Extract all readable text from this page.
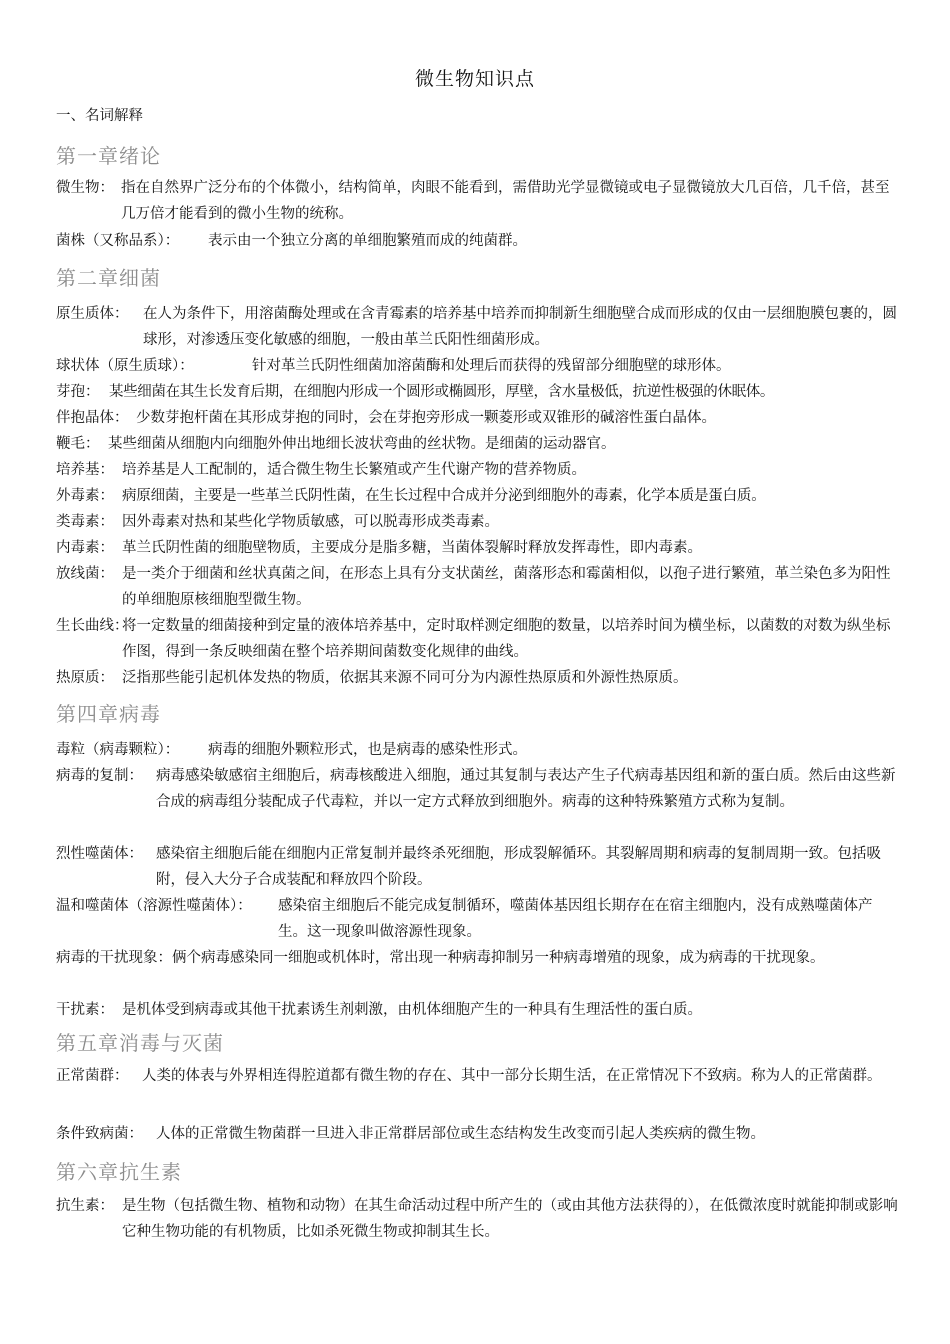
微生物知识点
一、名词解释
第一章绪论
微生物： 指在自然界广泛分布的个体微小，结构简单，肉眼不能看到，需借助光学显微镜或电子显微镜放大几百倍，几千倍，甚至几万倍才能看到的微小生物的统称。
菌株（又称品系）：	表示由一个独立分离的单细胞繁殖而成的纯菌群。
第二章细菌
原生质体：	在人为条件下，用溶菌酶处理或在含青霉素的培养基中培养而抑制新生细胞壁合成而形成的仅由一层细胞膜包裹的，圆球形，对渗透压变化敏感的细胞，一般由革兰氏阳性细菌形成。
球状体（原生质球）：	针对革兰氏阴性细菌加溶菌酶和处理后而获得的残留部分细胞壁的球形体。
芽孢： 某些细菌在其生长发育后期，在细胞内形成一个圆形或椭圆形，厚壁，含水量极低，抗逆性极强的休眠体。
伴抱晶体： 少数芽抱杆菌在其形成芽抱的同时，会在芽抱旁形成一颗菱形或双锥形的碱溶性蛋白晶体。
鞭毛： 某些细菌从细胞内向细胞外伸出地细长波状弯曲的丝状物。是细菌的运动器官。
培养基： 培养基是人工配制的，适合微生物生长繁殖或产生代谢产物的营养物质。
外毒素： 病原细菌，主要是一些革兰氏阴性菌，在生长过程中合成并分泌到细胞外的毒素，化学本质是蛋白质。
类毒素： 因外毒素对热和某些化学物质敏感，可以脱毒形成类毒素。
内毒素： 革兰氏阴性菌的细胞壁物质，主要成分是脂多糖，当菌体裂解时释放发挥毒性，即内毒素。
放线菌： 是一类介于细菌和丝状真菌之间，在形态上具有分支状菌丝，菌落形态和霉菌相似，以孢子进行繁殖，革兰染色多为阳性的单细胞原核细胞型微生物。
生长曲线：
将一定数量的细菌接种到定量的液体培养基中，定时取样测定细胞的数量，以培养时间为横坐标，以菌数的对数为纵坐标作图，得到一条反映细菌在整个培养期间菌数变化规律的曲线。
热原质： 泛指那些能引起机体发热的物质，依据其来源不同可分为内源性热原质和外源性热原质。
第四章病毒
毒粒（病毒颗粒）：	病毒的细胞外颗粒形式，也是病毒的感染性形式。
病毒的复制： 病毒感染敏感宿主细胞后，病毒核酸进入细胞，通过其复制与表达产生子代病毒基因组和新的蛋白质。然后由这些新合成的病毒组分装配成子代毒粒，并以一定方式释放到细胞外。病毒的这种特殊繁殖方式称为复制。
烈性噬菌体： 感染宿主细胞后能在细胞内正常复制并最终杀死细胞，形成裂解循环。其裂解周期和病毒的复制周期一致。包括吸附，侵入大分子合成装配和释放四个阶段。
温和噬菌体（溶源性噬菌体）：	感染宿主细胞后不能完成复制循环，噬菌体基因组长期存在在宿主细胞内，没有成熟噬菌体产生。这一现象叫做溶源性现象。
病毒的干扰现象： 俩个病毒感染同一细胞或机体时，常出现一种病毒抑制另一种病毒增殖的现象，成为病毒的干扰现象。
干扰素： 是机体受到病毒或其他干扰素诱生剂刺激，由机体细胞产生的一种具有生理活性的蛋白质。
第五章消毒与灭菌
正常菌群： 人类的体表与外界相连得腔道都有微生物的存在、其中一部分长期生活，在正常情况下不致病。称为人的正常菌群。
条件致病菌： 人体的正常微生物菌群一旦进入非正常群居部位或生态结构发生改变而引起人类疾病的微生物。
第六章抗生素
抗生素： 是生物（包括微生物、植物和动物）在其生命活动过程中所产生的（或由其他方法获得的），在低微浓度时就能抑制或影响它种生物功能的有机物质，比如杀死微生物或抑制其生长。
